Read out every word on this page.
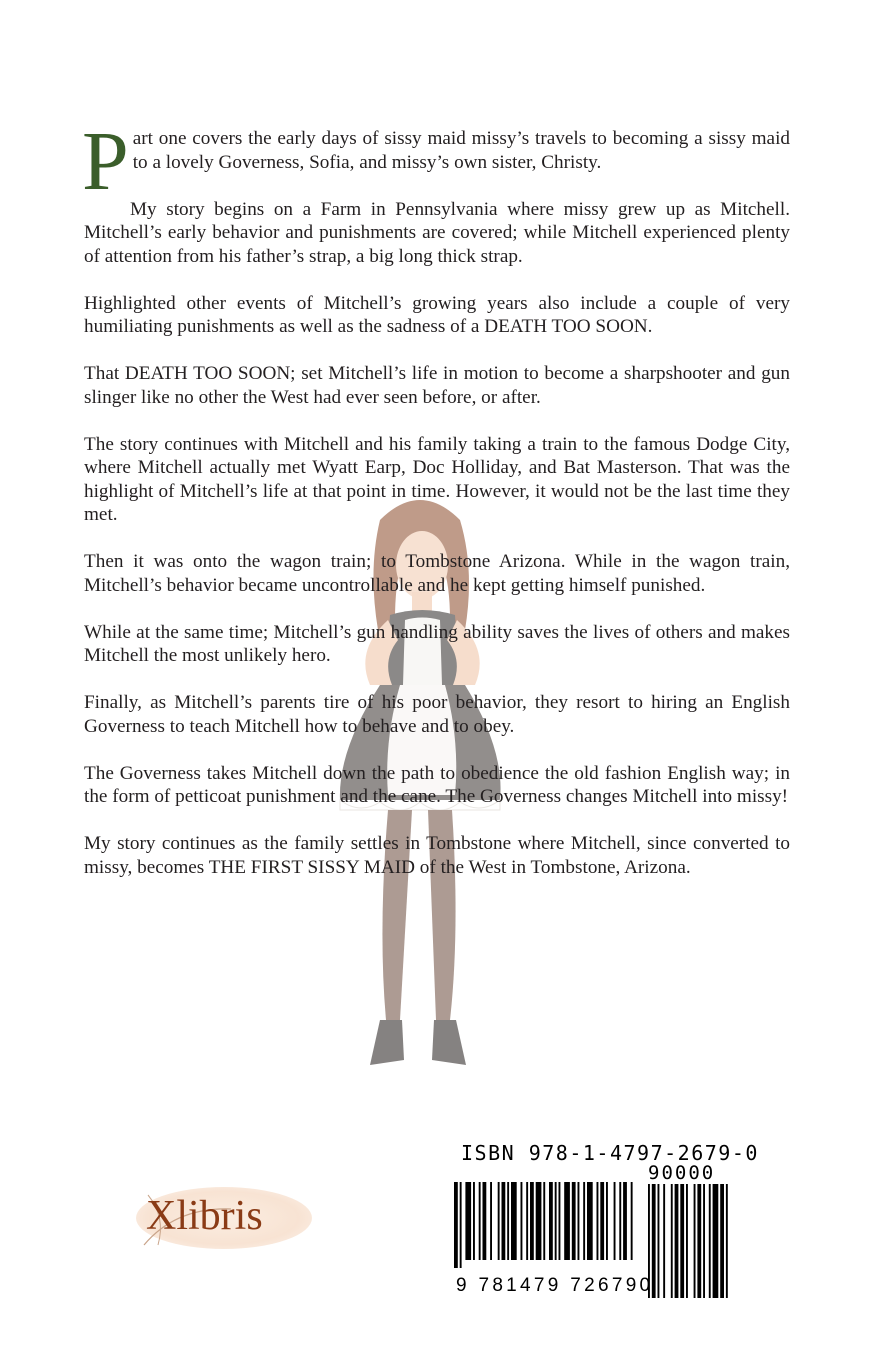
Part one covers the early days of sissy maid missy’s travels to becoming a sissy maid to a lovely Governess, Sofia, and missy’s own sister, Christy.

My story begins on a Farm in Pennsylvania where missy grew up as Mitchell. Mitchell’s early behavior and punishments are covered; while Mitchell experienced plenty of attention from his father’s strap, a big long thick strap.

Highlighted other events of Mitchell’s growing years also include a couple of very humiliating punishments as well as the sadness of a DEATH TOO SOON.

That DEATH TOO SOON; set Mitchell’s life in motion to become a sharpshooter and gun slinger like no other the West had ever seen before, or after.

The story continues with Mitchell and his family taking a train to the famous Dodge City, where Mitchell actually met Wyatt Earp, Doc Holliday, and Bat Masterson. That was the highlight of Mitchell’s life at that point in time. However, it would not be the last time they met.

Then it was onto the wagon train; to Tombstone Arizona. While in the wagon train, Mitchell’s behavior became uncontrollable and he kept getting himself punished.

While at the same time; Mitchell’s gun handling ability saves the lives of others and makes Mitchell the most unlikely hero.

Finally, as Mitchell’s parents tire of his poor behavior, they resort to hiring an English Governess to teach Mitchell how to behave and to obey.

The Governess takes Mitchell down the path to obedience the old fashion English way; in the form of petticoat punishment and the cane. The Governess changes Mitchell into missy!

My story continues as the family settles in Tombstone where Mitchell, since converted to missy, becomes THE FIRST SISSY MAID of the West in Tombstone, Arizona.

Xlibris
ISBN 978-1-4797-2679-0
90000
9 781479 726790
